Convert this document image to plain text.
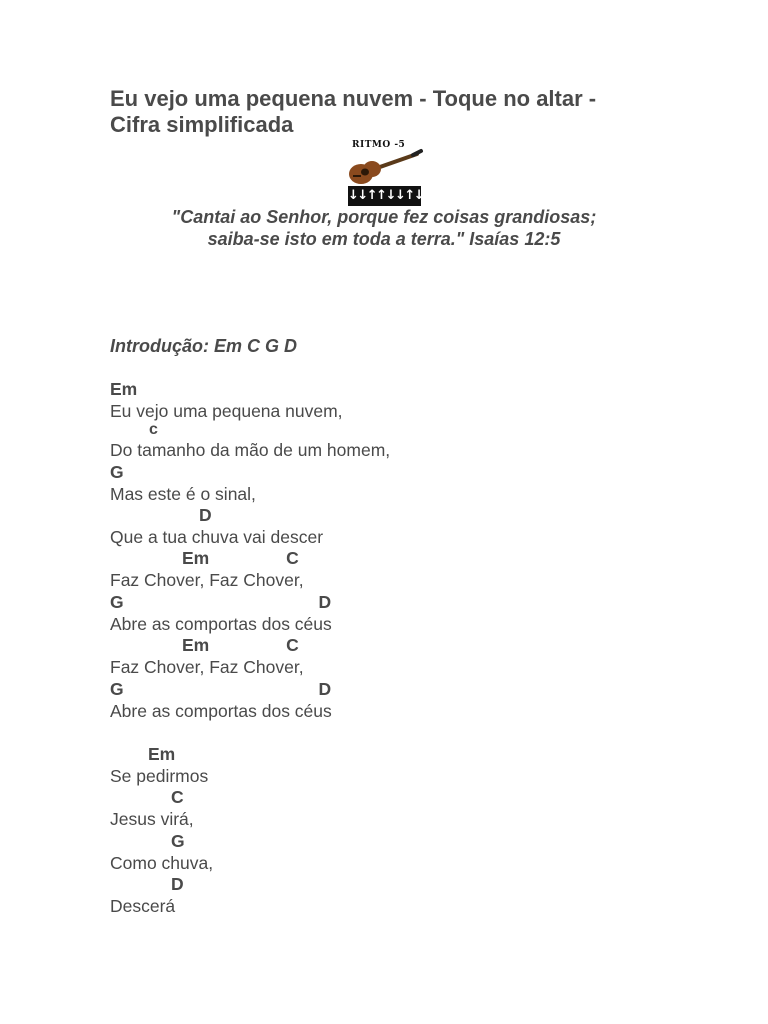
Eu vejo uma pequena nuvem - Toque no altar -
Cifra simplificada
RITMO -5
↓↓↑↑↓↓↑↓↑↑
"Cantai ao Senhor, porque fez coisas grandiosas;
saiba-se isto em toda a terra." Isaías 12:5
Introdução: Em C G D
Em
Eu vejo uma pequena nuvem,
c
Do tamanho da mão de um homem,
G
Mas este é o sinal,
D
Que a tua chuva vai descer
Em C
Faz Chover, Faz Chover,
G D
Abre as comportas dos céus
Em C
Faz Chover, Faz Chover,
G D
Abre as comportas dos céus
Em
Se pedirmos
C
Jesus virá,
G
Como chuva,
D
Descerá
